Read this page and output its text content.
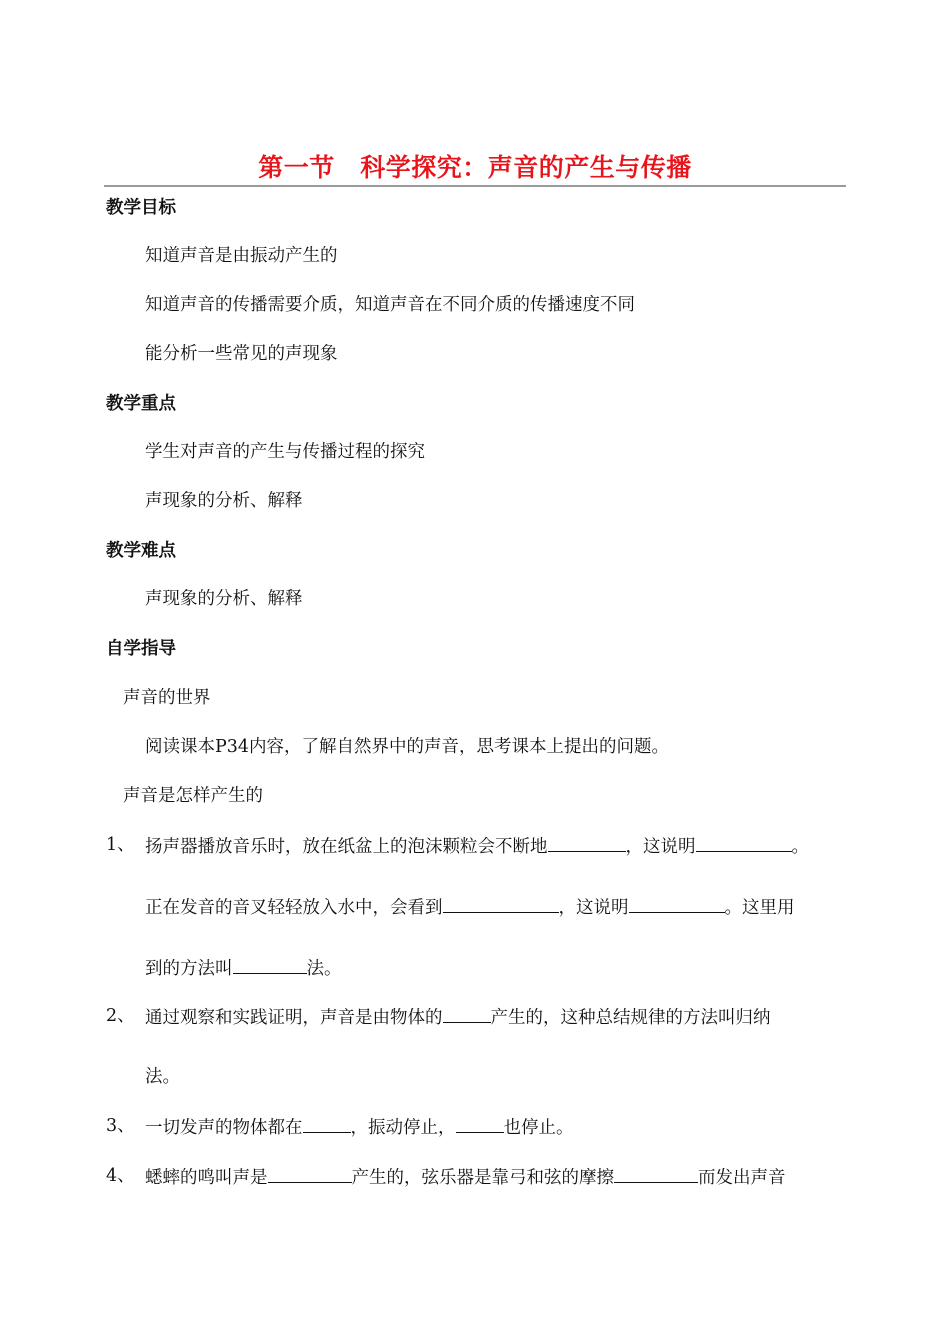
第一节　科学探究：声音的产生与传播
教学目标
知道声音是由振动产生的
知道声音的传播需要介质，知道声音在不同介质的传播速度不同
能分析一些常见的声现象
教学重点
学生对声音的产生与传播过程的探究
声现象的分析、解释
教学难点
声现象的分析、解释
自学指导
声音的世界
阅读课本P34内容，了解自然界中的声音，思考课本上提出的问题。
声音是怎样产生的
1、 扬声器播放音乐时，放在纸盆上的泡沫颗粒会不断地	，这说明	。
正在发音的音叉轻轻放入水中，会看到	，这说明	。这里用
到的方法叫	法。
2、 通过观察和实践证明，声音是由物体的	产生的，这种总结规律的方法叫归纳
法。
3、 一切发声的物体都在	，振动停止，	也停止。
4、 蟋蟀的鸣叫声是	产生的，弦乐器是靠弓和弦的摩擦	而发出声音
